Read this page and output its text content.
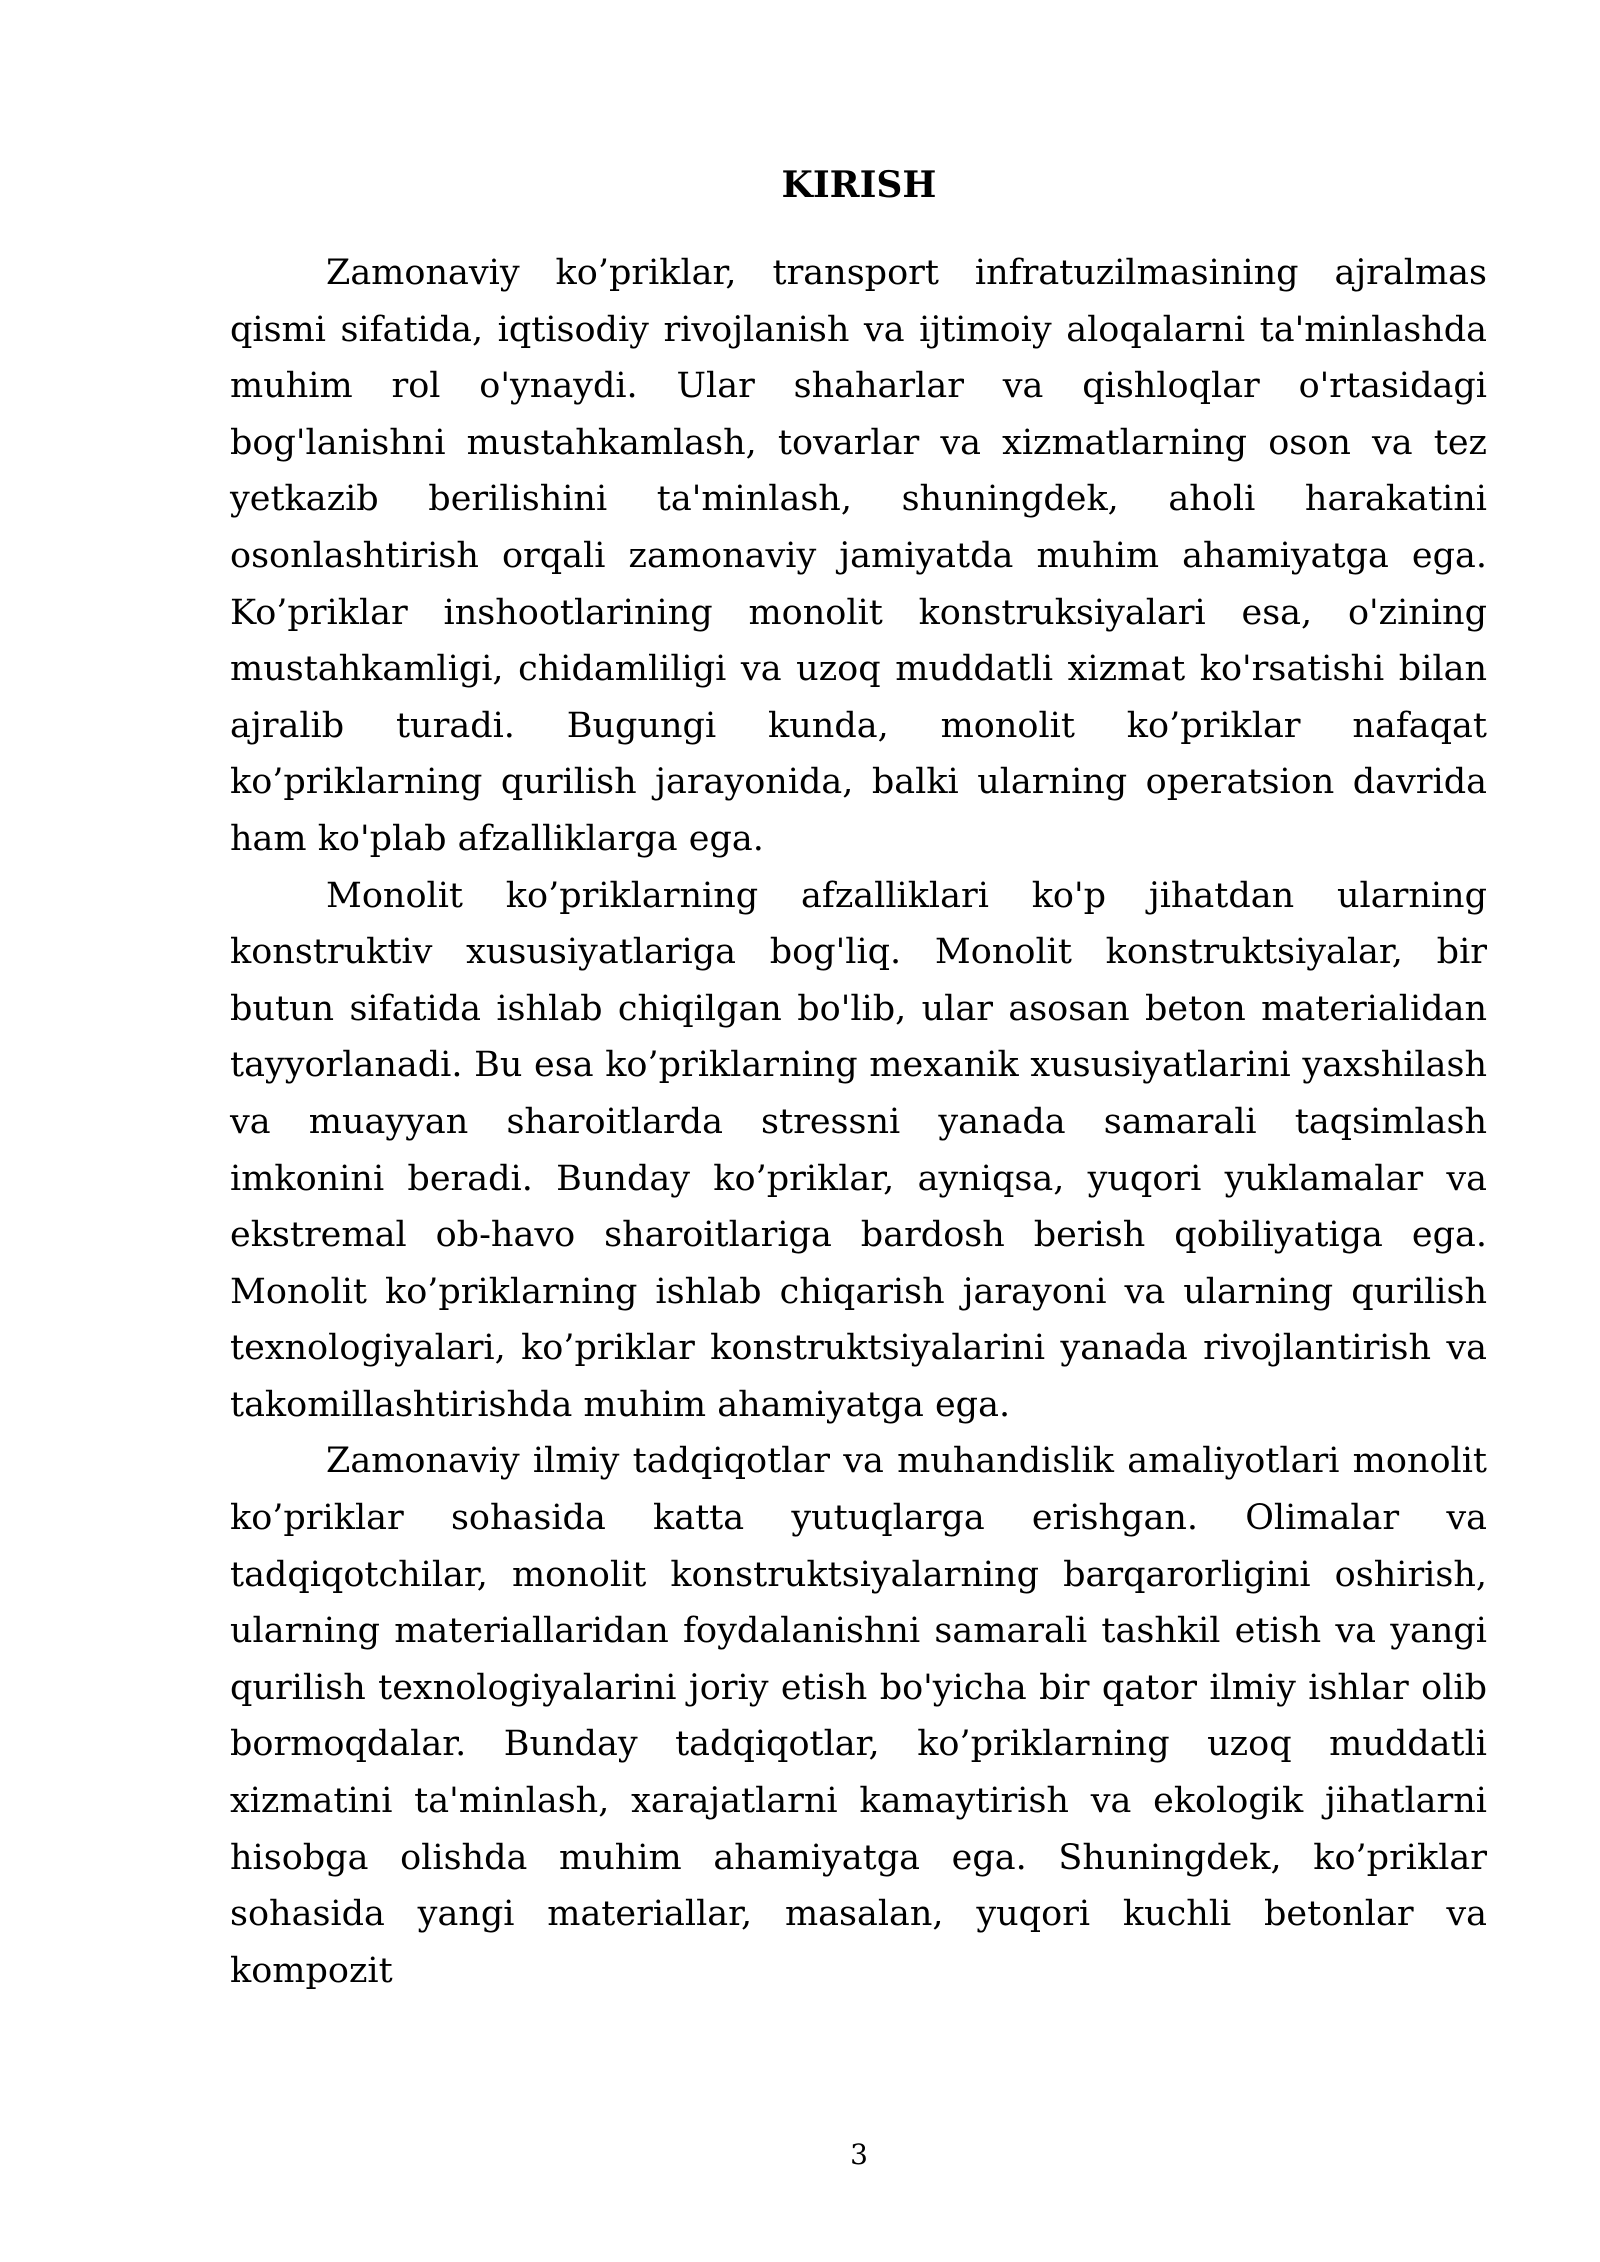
KIRISH

Zamonaviy ko’priklar, transport infratuzilmasining ajralmas qismi sifatida, iqtisodiy rivojlanish va ijtimoiy aloqalarni ta'minlashda muhim rol o'ynaydi. Ular shaharlar va qishloqlar o'rtasidagi bog'lanishni mustahkamlash, tovarlar va xizmatlarning oson va tez yetkazib berilishini ta'minlash, shuningdek, aholi harakatini osonlashtirish orqali zamonaviy jamiyatda muhim ahamiyatga ega. Ko’priklar inshootlarining monolit konstruksiyalari esa, o'zining mustahkamligi, chidamliligi va uzoq muddatli xizmat ko'rsatishi bilan ajralib turadi. Bugungi kunda, monolit ko’priklar nafaqat ko’priklarning qurilish jarayonida, balki ularning operatsion davrida ham ko'plab afzalliklarga ega.

Monolit ko’priklarning afzalliklari ko'p jihatdan ularning konstruktiv xususiyatlariga bog'liq. Monolit konstruktsiyalar, bir butun sifatida ishlab chiqilgan bo'lib, ular asosan beton materialidan tayyorlanadi. Bu esa ko’priklarning mexanik xususiyatlarini yaxshilash va muayyan sharoitlarda stressni yanada samarali taqsimlash imkonini beradi. Bunday ko’priklar, ayniqsa, yuqori yuklamalar va ekstremal ob-havo sharoitlariga bardosh berish qobiliyatiga ega. Monolit ko’priklarning ishlab chiqarish jarayoni va ularning qurilish texnologiyalari, ko’priklar konstruktsiyalarini yanada rivojlantirish va takomillashtirishda muhim ahamiyatga ega.

Zamonaviy ilmiy tadqiqotlar va muhandislik amaliyotlari monolit ko’priklar sohasida katta yutuqlarga erishgan. Olimalar va tadqiqotchilar, monolit konstruktsiyalarning barqarorligini oshirish, ularning materiallaridan foydalanishni samarali tashkil etish va yangi qurilish texnologiyalarini joriy etish bo'yicha bir qator ilmiy ishlar olib bormoqdalar. Bunday tadqiqotlar, ko’priklarning uzoq muddatli xizmatini ta'minlash, xarajatlarni kamaytirish va ekologik jihatlarni hisobga olishda muhim ahamiyatga ega. Shuningdek, ko’priklar sohasida yangi materiallar, masalan, yuqori kuchli betonlar va kompozit

3
